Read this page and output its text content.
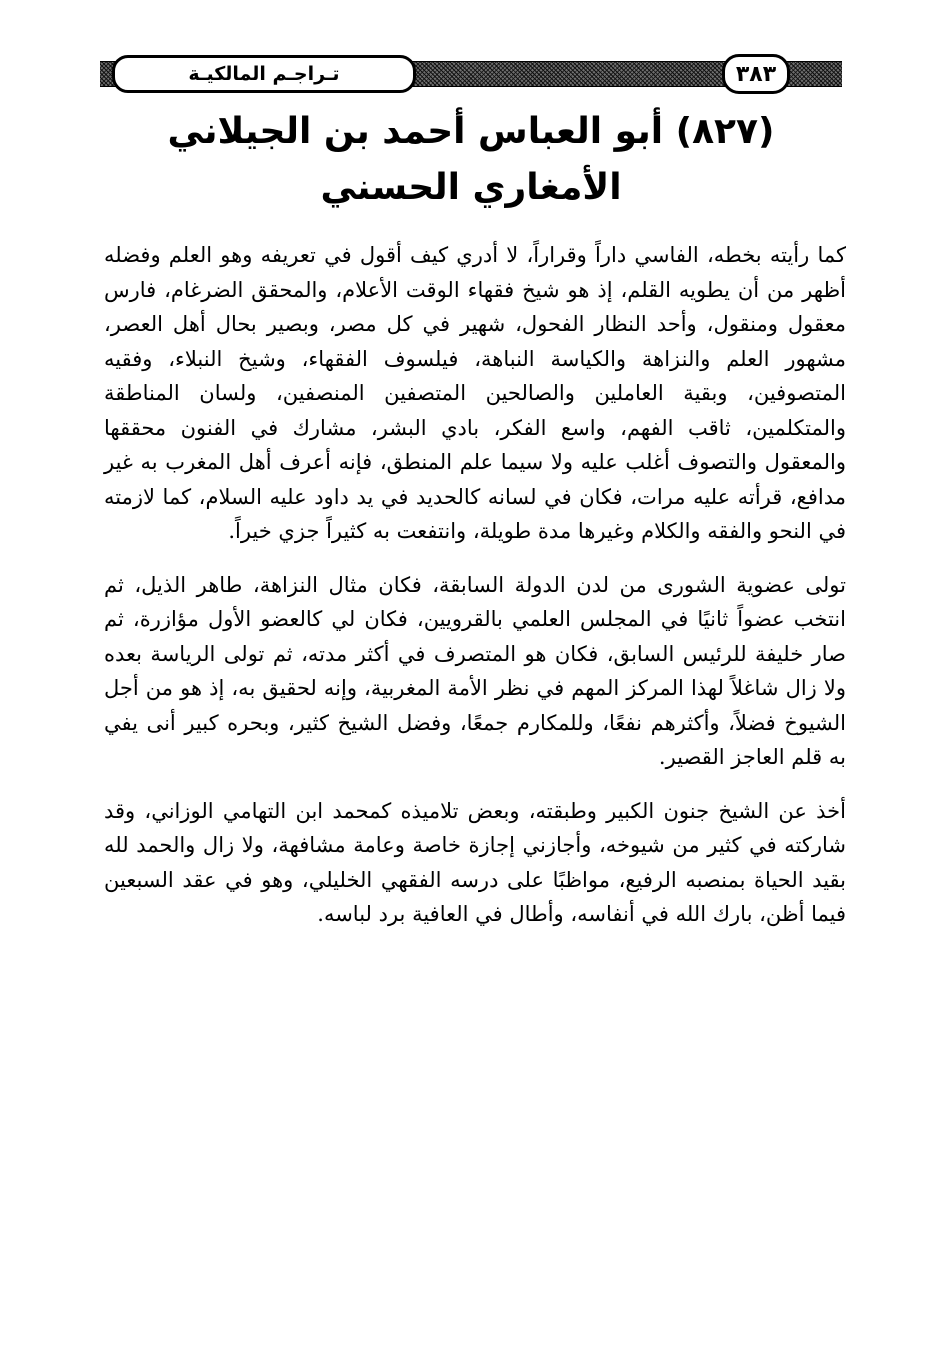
تـراجـم المالكيـة	٣٨٣
(٨٢٧) أبو العباس أحمد بن الجيلاني الأمغاري الحسني

كما رأيته بخطه، الفاسي داراً وقراراً، لا أدري كيف أقول في تعريفه وهو العلم وفضله أظهر من أن يطويه القلم، إذ هو شيخ فقهاء الوقت الأعلام، والمحقق الضرغام، فارس معقول ومنقول، وأحد النظار الفحول، شهير في كل مصر، وبصير بحال أهل العصر، مشهور العلم والنزاهة والكياسة النباهة، فيلسوف الفقهاء، وشيخ النبلاء، وفقيه المتصوفين، وبقية العاملين والصالحين المتصفين المنصفين، ولسان المناطقة والمتكلمين، ثاقب الفهم، واسع الفكر، بادي البشر، مشارك في الفنون محققها والمعقول والتصوف أغلب عليه ولا سيما علم المنطق، فإنه أعرف أهل المغرب به غير مدافع، قرأته عليه مرات، فكان في لسانه كالحديد في يد داود عليه السلام، كما لازمته في النحو والفقه والكلام وغيرها مدة طويلة، وانتفعت به كثيراً جزي خيراً.

تولى عضوية الشورى من لدن الدولة السابقة، فكان مثال النزاهة، طاهر الذيل، ثم انتخب عضواً ثانيًا في المجلس العلمي بالقرويين، فكان لي كالعضو الأول مؤازرة، ثم صار خليفة للرئيس السابق، فكان هو المتصرف في أكثر مدته، ثم تولى الرياسة بعده ولا زال شاغلاً لهذا المركز المهم في نظر الأمة المغربية، وإنه لحقيق به، إذ هو من أجل الشيوخ فضلاً، وأكثرهم نفعًا، وللمكارم جمعًا، وفضل الشيخ كثير، وبحره كبير أنى يفي به قلم العاجز القصير.

أخذ عن الشيخ جنون الكبير وطبقته، وبعض تلاميذه كمحمد ابن التهامي الوزاني، وقد شاركته في كثير من شيوخه، وأجازني إجازة خاصة وعامة مشافهة، ولا زال والحمد لله بقيد الحياة بمنصبه الرفيع، مواظبًا على درسه الفقهي الخليلي، وهو في عقد السبعين فيما أظن، بارك الله في أنفاسه، وأطال في العافية برد لباسه.
